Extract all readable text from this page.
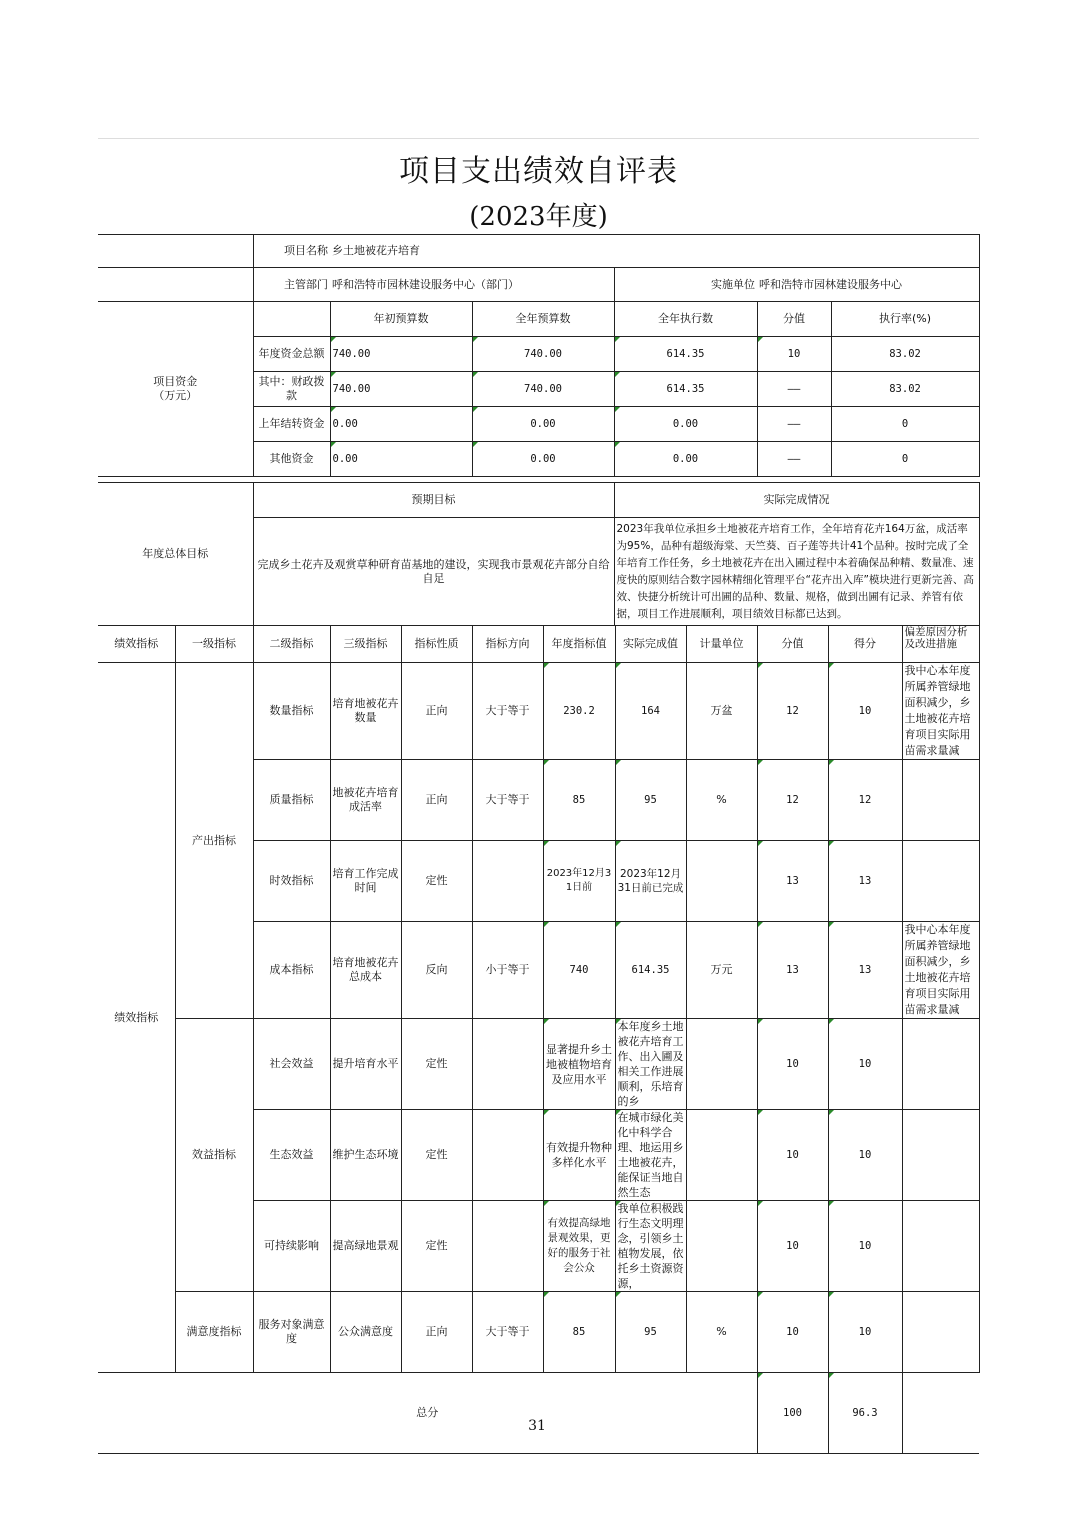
项目支出绩效自评表
(2023年度)
	项目名称	乡土地被花卉培育					
	主管部门	呼和浩特市园林建设服务中心（部门）		实施单位	呼和浩特市园林建设服务中心		
项目资金
（万元）		年初预算数	全年预算数	全年执行数	分值	执行率(%)	
	年度资金总额	740.00	740.00	614.35	10	83.02	
	其中：财政拨款	740.00	740.00	614.35	——	83.02	
	上年结转资金	0.00	0.00	0.00	——	0	
	其他资金	0.00	0.00	0.00	——	0	
年度总体目标	预期目标	实际完成情况
	完成乡土花卉及观赏草种研育苗基地的建设，实现我市景观花卉部分自给自足	2023年我单位承担乡土地被花卉培育工作，全年培育花卉164万盆，成活率为95%，品种有超级海棠、天竺葵、百子莲等共计41个品种。按时完成了全年培育工作任务，乡土地被花卉在出入圃过程中本着确保品种精、数量准、速度快的原则结合数字园林精细化管理平台“花卉出入库”模块进行更新完善、高效、快捷分析统计可出圃的品种、数量、规格，做到出圃有记录、养管有依据，项目工作进展顺利，项目绩效目标都已达到。
绩效指标	一级指标	二级指标	三级指标	指标性质	指标方向	年度指标值	实际完成值	计量单位	分值	得分	偏差原因分析及改进措施
绩效指标	产出指标	数量指标	培育地被花卉数量	正向	大于等于	230.2	164	万盆	12	10	我中心本年度所属养管绿地面积减少，乡土地被花卉培育项目实际用苗需求量减
		质量指标	地被花卉培育成活率	正向	大于等于	85	95	%	12	12	
		时效指标	培育工作完成时间	定性		2023年12月31日前	2023年12月31日前已完成		13	13	
		成本指标	培育地被花卉总成本	反向	小于等于	740	614.35	万元	13	13	我中心本年度所属养管绿地面积减少，乡土地被花卉培育项目实际用苗需求量减
	效益指标	社会效益	提升培育水平	定性		显著提升乡土地被植物培育及应用水平	本年度乡土地被花卉培育工作、出入圃及相关工作进展顺利，乐培育的乡		10	10	
		生态效益	维护生态环境	定性		有效提升物种多样化水平	在城市绿化美化中科学合理、地运用乡土地被花卉，能保证当地自然生态		10	10	
		可持续影响	提高绿地景观	定性		有效提高绿地景观效果，更好的服务于社会公众	我单位积极践行生态文明理念，引领乡土植物发展，依托乡土资源资源，		10	10	
	满意度指标	服务对象满意度	公众满意度	正向	大于等于	85	95	%	10	10	
总分									100	96.3	
31
